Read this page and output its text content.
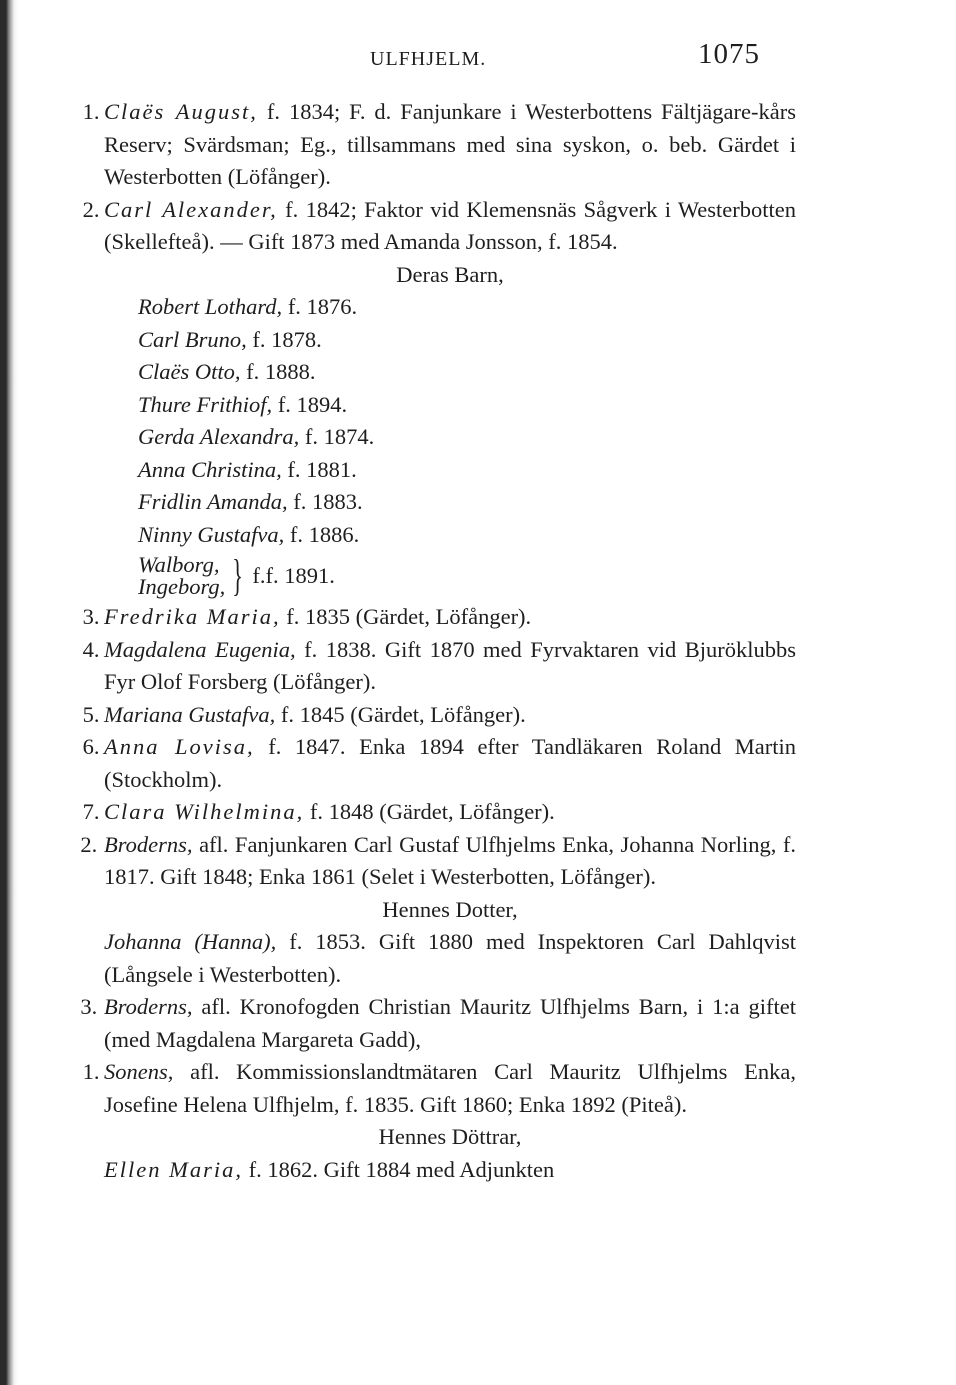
ULFHJELM.	1075
1. Claës August, f. 1834; F. d. Fanjunkare i Westerbottens Fältjägare-kårs Reserv; Svärdsman; Eg., tillsammans med sina syskon, o. beb. Gärdet i Westerbotten (Löfånger).
2. Carl Alexander, f. 1842; Faktor vid Klemensnäs Sågverk i Westerbotten (Skellefteå). — Gift 1873 med Amanda Jonsson, f. 1854.
Deras Barn,
Robert Lothard, f. 1876.
Carl Bruno, f. 1878.
Claës Otto, f. 1888.
Thure Frithiof, f. 1894.
Gerda Alexandra, f. 1874.
Anna Christina, f. 1881.
Fridlin Amanda, f. 1883.
Ninny Gustafva, f. 1886.
Walborg,
Ingeborg, } f.f. 1891.
3. Fredrika Maria, f. 1835 (Gärdet, Löfånger).
4. Magdalena Eugenia, f. 1838. Gift 1870 med Fyrvaktaren vid Bjuröklubbs Fyr Olof Forsberg (Löfånger).
5. Mariana Gustafva, f. 1845 (Gärdet, Löfånger).
6. Anna Lovisa, f. 1847. Enka 1894 efter Tandläkaren Roland Martin (Stockholm).
7. Clara Wilhelmina, f. 1848 (Gärdet, Löfånger).
2. Broderns, afl. Fanjunkaren Carl Gustaf Ulfhjelms Enka, Johanna Norling, f. 1817. Gift 1848; Enka 1861 (Selet i Westerbotten, Löfånger).
Hennes Dotter,
Johanna (Hanna), f. 1853. Gift 1880 med Inspektoren Carl Dahlqvist (Långsele i Westerbotten).
3. Broderns, afl. Kronofogden Christian Mauritz Ulfhjelms Barn, i 1:a giftet (med Magdalena Margareta Gadd),
1. Sonens, afl. Kommissionslandtmätaren Carl Mauritz Ulfhjelms Enka, Josefine Helena Ulfhjelm, f. 1835. Gift 1860; Enka 1892 (Piteå).
Hennes Döttrar,
Ellen Maria, f. 1862. Gift 1884 med Adjunkten
